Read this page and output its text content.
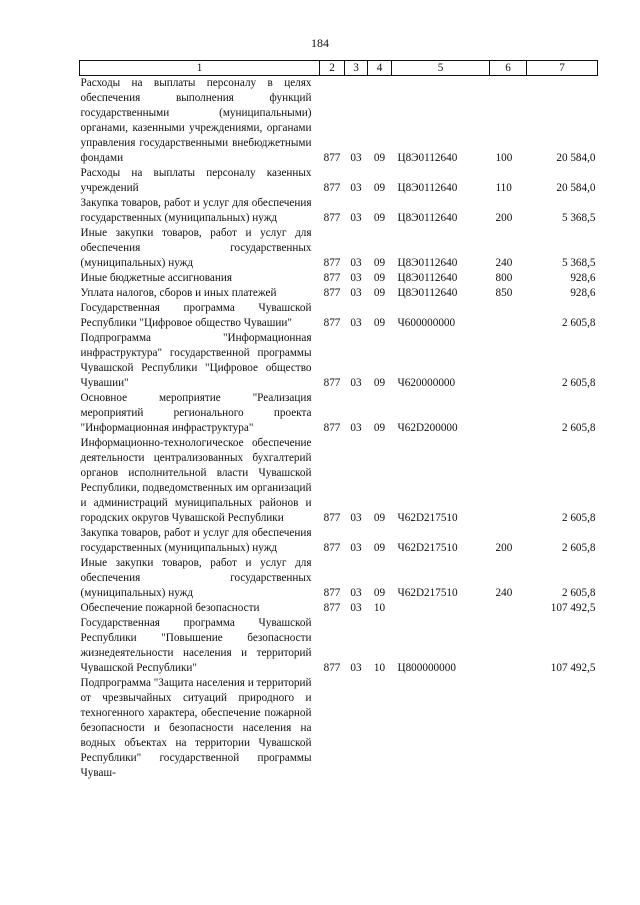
184
1	2	3	4	5	6	7
Расходы на выплаты персоналу в целях обеспечения выполнения функций государственными (муниципальными) органами, казенными учреждениями, органами управления государственными внебюджетными фондами	877	03	09	Ц8Э0112640	100	20 584,0
Расходы на выплаты персоналу казенных учреждений	877	03	09	Ц8Э0112640	110	20 584,0
Закупка товаров, работ и услуг для обеспечения государственных (муниципальных) нужд	877	03	09	Ц8Э0112640	200	5 368,5
Иные закупки товаров, работ и услуг для обеспечения государственных (муниципальных) нужд	877	03	09	Ц8Э0112640	240	5 368,5
Иные бюджетные ассигнования	877	03	09	Ц8Э0112640	800	928,6
Уплата налогов, сборов и иных платежей	877	03	09	Ц8Э0112640	850	928,6
Государственная программа Чувашской Республики "Цифровое общество Чувашии"	877	03	09	Ч600000000		2 605,8
Подпрограмма "Информационная инфраструктура" государственной программы Чувашской Республики "Цифровое общество Чувашии"	877	03	09	Ч620000000		2 605,8
Основное мероприятие "Реализация мероприятий регионального проекта "Информационная инфраструктура"	877	03	09	Ч62D200000		2 605,8
Информационно-технологическое обеспечение деятельности централизованных бухгалтерий органов исполнительной власти Чувашской Республики, подведомственных им организаций и администраций муниципальных районов и городских округов Чувашской Республики	877	03	09	Ч62D217510		2 605,8
Закупка товаров, работ и услуг для обеспечения государственных (муниципальных) нужд	877	03	09	Ч62D217510	200	2 605,8
Иные закупки товаров, работ и услуг для обеспечения государственных (муниципальных) нужд	877	03	09	Ч62D217510	240	2 605,8
Обеспечение пожарной безопасности	877	03	10			107 492,5
Государственная программа Чувашской Республики "Повышение безопасности жизнедеятельности населения и территорий Чувашской Республики"	877	03	10	Ц800000000		107 492,5
Подпрограмма "Защита населения и территорий от чрезвычайных ситуаций природного и техногенного характера, обеспечение пожарной безопасности и безопасности населения на водных объектах на территории Чувашской Республики" государственной программы Чуваш-						
